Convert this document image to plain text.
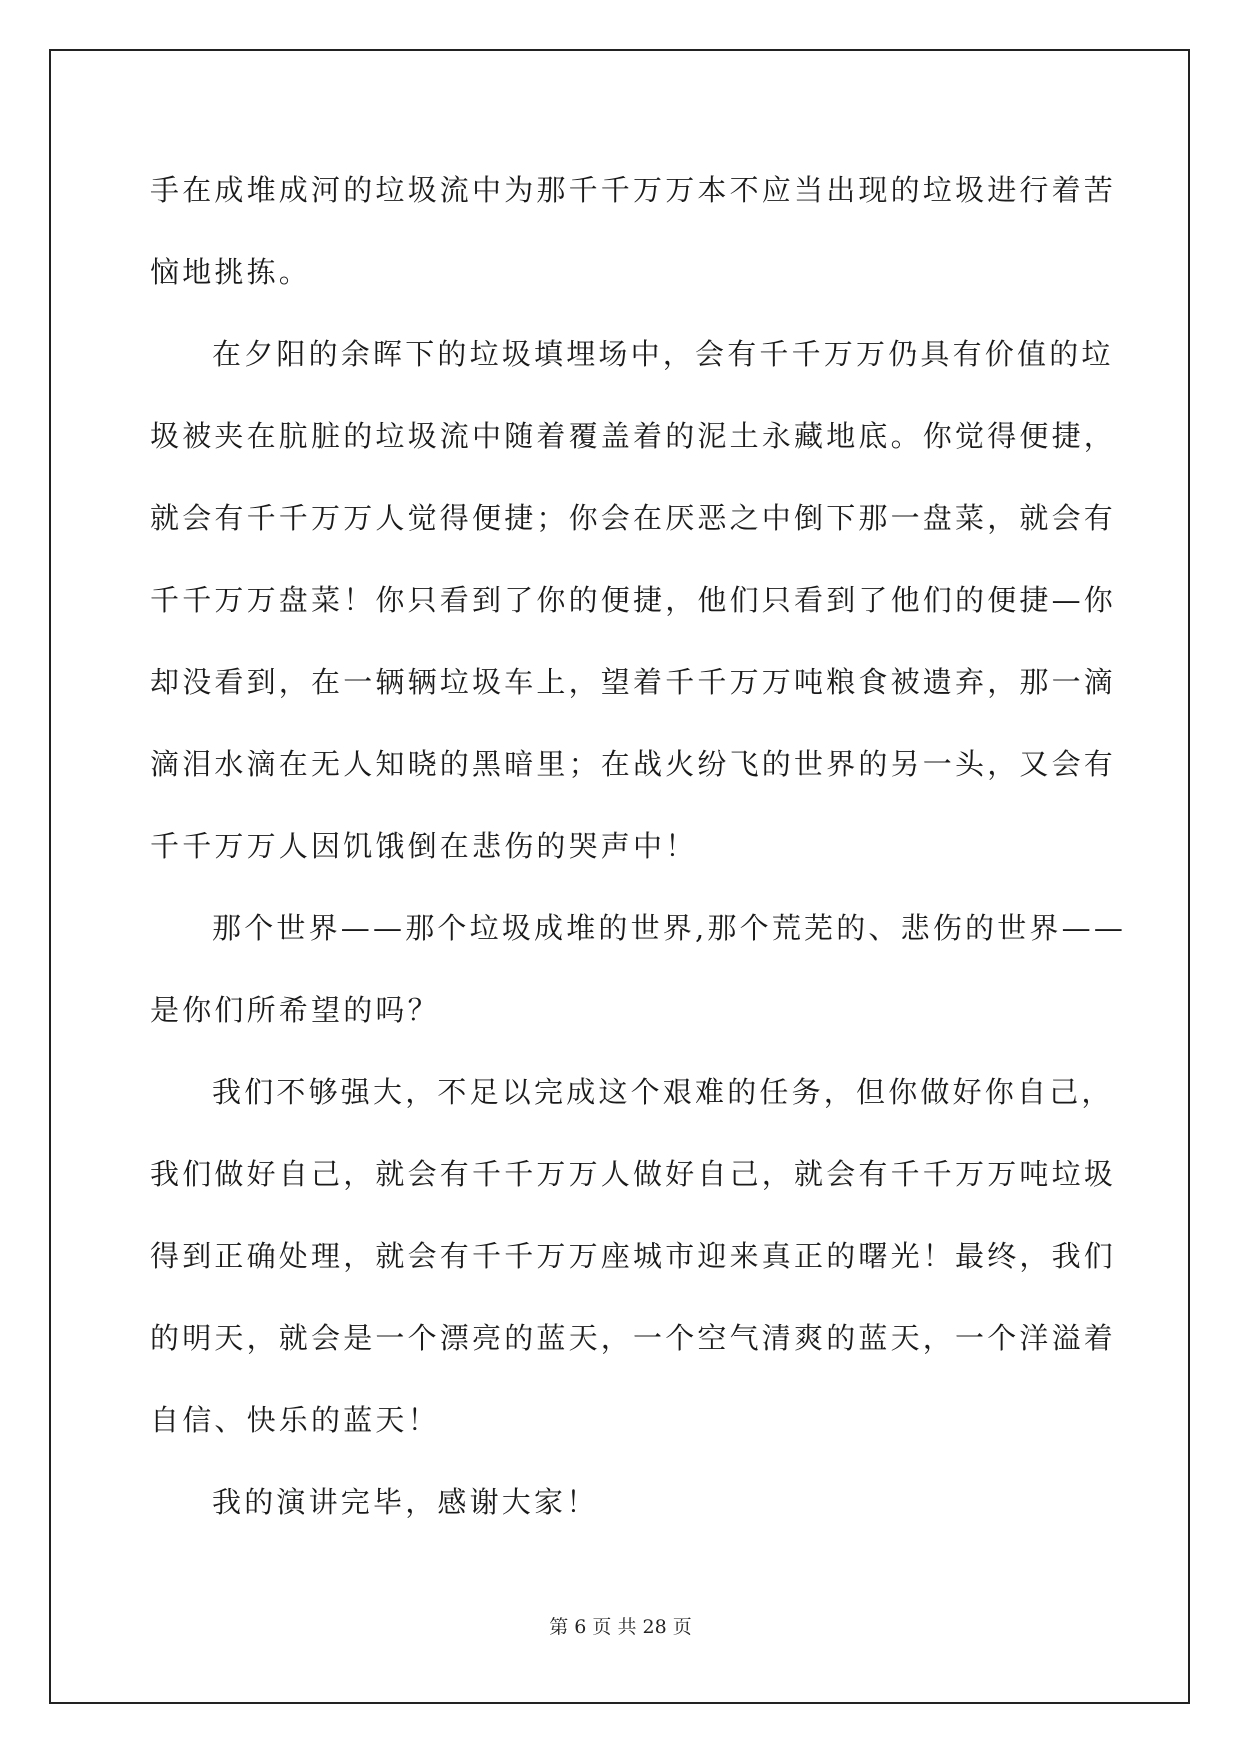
手在成堆成河的垃圾流中为那千千万万本不应当出现的垃圾进行着苦
恼地挑拣。
在夕阳的余晖下的垃圾填埋场中，会有千千万万仍具有价值的垃
圾被夹在肮脏的垃圾流中随着覆盖着的泥土永藏地底。你觉得便捷，
就会有千千万万人觉得便捷；你会在厌恶之中倒下那一盘菜，就会有
千千万万盘菜！你只看到了你的便捷，他们只看到了他们的便捷—你
却没看到，在一辆辆垃圾车上，望着千千万万吨粮食被遗弃，那一滴
滴泪水滴在无人知晓的黑暗里；在战火纷飞的世界的另一头，又会有
千千万万人因饥饿倒在悲伤的哭声中！
那个世界——那个垃圾成堆的世界,那个荒芜的、悲伤的世界——
是你们所希望的吗？
我们不够强大，不足以完成这个艰难的任务，但你做好你自己，
我们做好自己，就会有千千万万人做好自己，就会有千千万万吨垃圾
得到正确处理，就会有千千万万座城市迎来真正的曙光！最终，我们
的明天，就会是一个漂亮的蓝天，一个空气清爽的蓝天，一个洋溢着
自信、快乐的蓝天！
我的演讲完毕，感谢大家！
第 6 页 共 28 页
